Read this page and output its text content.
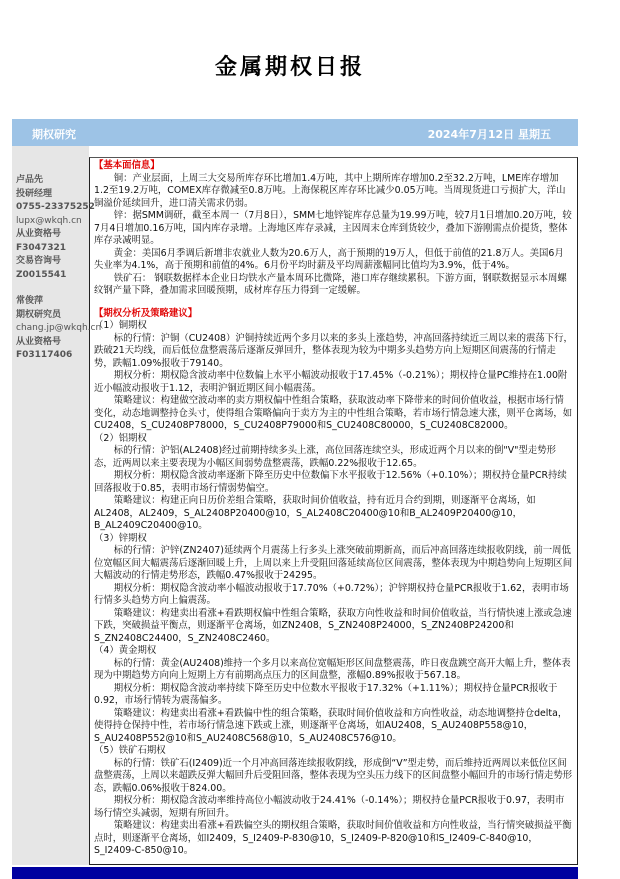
金属期权日报
期权研究	2024年7月12日 星期五
卢品先
投研经理
0755-23375252
lupx@wkqh.cn
从业资格号
F3047321
交易咨询号
Z0015541
常俊萍
期权研究员
chang.jp@wkqh.cn
从业资格号
F03117406

【基本面信息】

铜：产业层面，上周三大交易所库存环比增加1.4万吨，其中上期所库存增加0.2至32.2万吨，LME库存增加1.2至19.2万吨，COMEX库存微减至0.8万吨。上海保税区库存环比减少0.05万吨。当周现货进口亏损扩大，洋山铜溢价延续回升，进口清关需求仍弱。

锌：据SMM调研，截至本周一（7月8日），SMM七地锌锭库存总量为19.99万吨，较7月1日增加0.20万吨，较7月4日增加0.16万吨，国内库存录增。上海地区库存录减，主因周末仓库到货较少，叠加下游刚需点价提货，整体库存录减明显。

黄金：美国6月季调后新增非农就业人数为20.6万人，高于预期的19万人，但低于前值的21.8万人。美国6月失业率为4.1%，高于预期和前值的4%。6月份平均时薪及平均周薪涨幅同比值均为3.9%，低于4%。

铁矿石： 钢联数据样本企业日均铁水产量本周环比微降，港口库存继续累积。下游方面，钢联数据显示本周螺纹钢产量下降，叠加需求回暖预期，成材库存压力得到一定缓解。

【期权分析及策略建议】

（1）铜期权

标的行情：沪铜（CU2408）沪铜持续近两个多月以来的多头上涨趋势，冲高回落持续近三周以来的震荡下行，跌破21天均线，而后低位盘整震荡后逐渐反弹回升，整体表现为较为中期多头趋势方向上短期区间震荡的行情走势，跌幅1.09%报收于79140。

期权分析：期权隐含波动率中位数偏上水平小幅波动报收于17.45%（-0.21%）；期权持仓量PC维持在1.00附近小幅波动报收于1.12，表明沪铜近期区间小幅震荡。

策略建议：构建做空波动率的卖方期权偏中性组合策略，获取波动率下降带来的时间价值收益，根据市场行情变化，动态地调整持仓头寸，使得组合策略偏向于卖方为主的中性组合策略，若市场行情急速大涨，则平仓离场，如CU2408，S_CU2408P78000，S_CU2408P79000和S_CU2408C80000，S_CU2408C82000。

（2）铝期权

标的行情：沪铝(AL2408)经过前期持续多头上涨，高位回落连续空头，形成近两个月以来的倒"V"型走势形态，近两周以来主要表现为小幅区间弱势盘整震荡，跌幅0.22%报收于12.65。

期权分析：期权隐含波动率逐渐下降至历史中位数偏下水平报收于12.56%（+0.10%）；期权持仓量PCR持续回落报收于0.85，表明市场行情弱势偏空。

策略建议：构建正向日历价差组合策略，获取时间价值收益，持有近月合约到期，则逐渐平仓离场，如AL2408，AL2409，S_AL2408P20400@10，S_AL2408C20400@10和B_AL2409P20400@10，B_AL2409C20400@10。

（3）锌期权

标的行情：沪锌(ZN2407)延续两个月震荡上行多头上涨突破前期新高，而后冲高回落连续报收阴线，前一周低位宽幅区间大幅震荡后逐渐回暖上升，上周以来上升受阻回落延续高位区间震荡，整体表现为中期趋势向上短期区间大幅波动的行情走势形态，跌幅0.47%报收于24295。

期权分析：期权隐含波动率小幅波动报收于17.70%（+0.72%）；沪锌期权持仓量PCR报收于1.62，表明市场行情多头趋势方向上偏震荡。

策略建议：构建卖出看涨+看跌期权偏中性组合策略，获取方向性收益和时间价值收益，当行情快速上涨或急速下跌，突破损益平衡点，则逐渐平仓离场，如ZN2408，S_ZN2408P24000，S_ZN2408P24200和S_ZN2408C24400，S_ZN2408C2460。

（4）黄金期权

标的行情：黄金(AU2408)维持一个多月以来高位宽幅矩形区间盘整震荡，昨日夜盘跳空高开大幅上升，整体表现为中期趋势方向向上短期上方有前期高点压力的区间盘整，涨幅0.89%报收于567.18。

期权分析：期权隐含波动率持续下降至历史中位数水平报收于17.32%（+1.11%）；期权持仓量PCR报收于0.92，市场行情转为震荡偏多。

策略建议：构建卖出看涨+看跌偏中性的组合策略，获取时间价值收益和方向性收益，动态地调整持仓delta，使得持仓保持中性，若市场行情急速下跌或上涨，则逐渐平仓离场，如AU2408，S_AU2408P558@10，S_AU2408P552@10和S_AU2408C568@10，S_AU2408C576@10。

（5）铁矿石期权

标的行情：铁矿石(I2409)近一个月冲高回落连续报收阴线，形成倒“V”型走势，而后维持近两周以来低位区间盘整震荡，上周以来超跌反弹大幅回升后受阻回落，整体表现为空头压力线下的区间盘整小幅回升的市场行情走势形态，跌幅0.06%报收于824.00。

期权分析：期权隐含波动率维持高位小幅波动收于24.41%（-0.14%）；期权持仓量PCR报收于0.97，表明市场行情空头减弱，短期有所回升。

策略建议：构建卖出看涨+看跌偏空头的期权组合策略，获取时间价值收益和方向性收益，当行情突破损益平衡点时，则逐渐平仓离场，如I2409，S_I2409-P-830@10，S_I2409-P-820@10和S_I2409-C-840@10，S_I2409-C-850@10。
